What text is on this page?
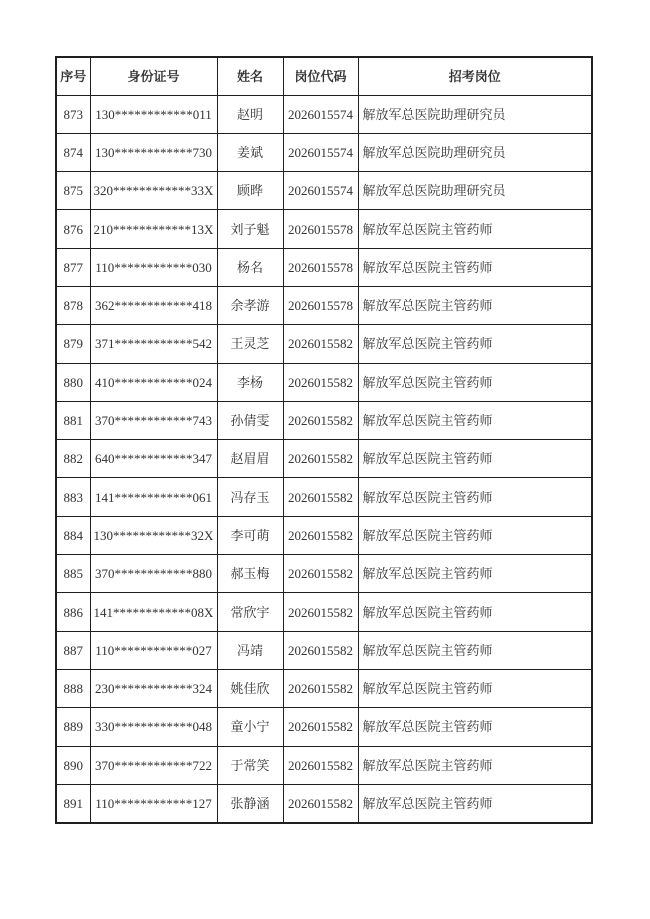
序号	身份证号	姓名	岗位代码	招考岗位
873	130************011	赵明	2026015574	解放军总医院助理研究员
874	130************730	姜斌	2026015574	解放军总医院助理研究员
875	320************33X	顾晔	2026015574	解放军总医院助理研究员
876	210************13X	刘子魁	2026015578	解放军总医院主管药师
877	110************030	杨名	2026015578	解放军总医院主管药师
878	362************418	余孝游	2026015578	解放军总医院主管药师
879	371************542	王灵芝	2026015582	解放军总医院主管药师
880	410************024	李杨	2026015582	解放军总医院主管药师
881	370************743	孙倩雯	2026015582	解放军总医院主管药师
882	640************347	赵眉眉	2026015582	解放军总医院主管药师
883	141************061	冯存玉	2026015582	解放军总医院主管药师
884	130************32X	李可萌	2026015582	解放军总医院主管药师
885	370************880	郝玉梅	2026015582	解放军总医院主管药师
886	141************08X	常欣宇	2026015582	解放军总医院主管药师
887	110************027	冯靖	2026015582	解放军总医院主管药师
888	230************324	姚佳欣	2026015582	解放军总医院主管药师
889	330************048	童小宁	2026015582	解放军总医院主管药师
890	370************722	于常笑	2026015582	解放军总医院主管药师
891	110************127	张静涵	2026015582	解放军总医院主管药师
